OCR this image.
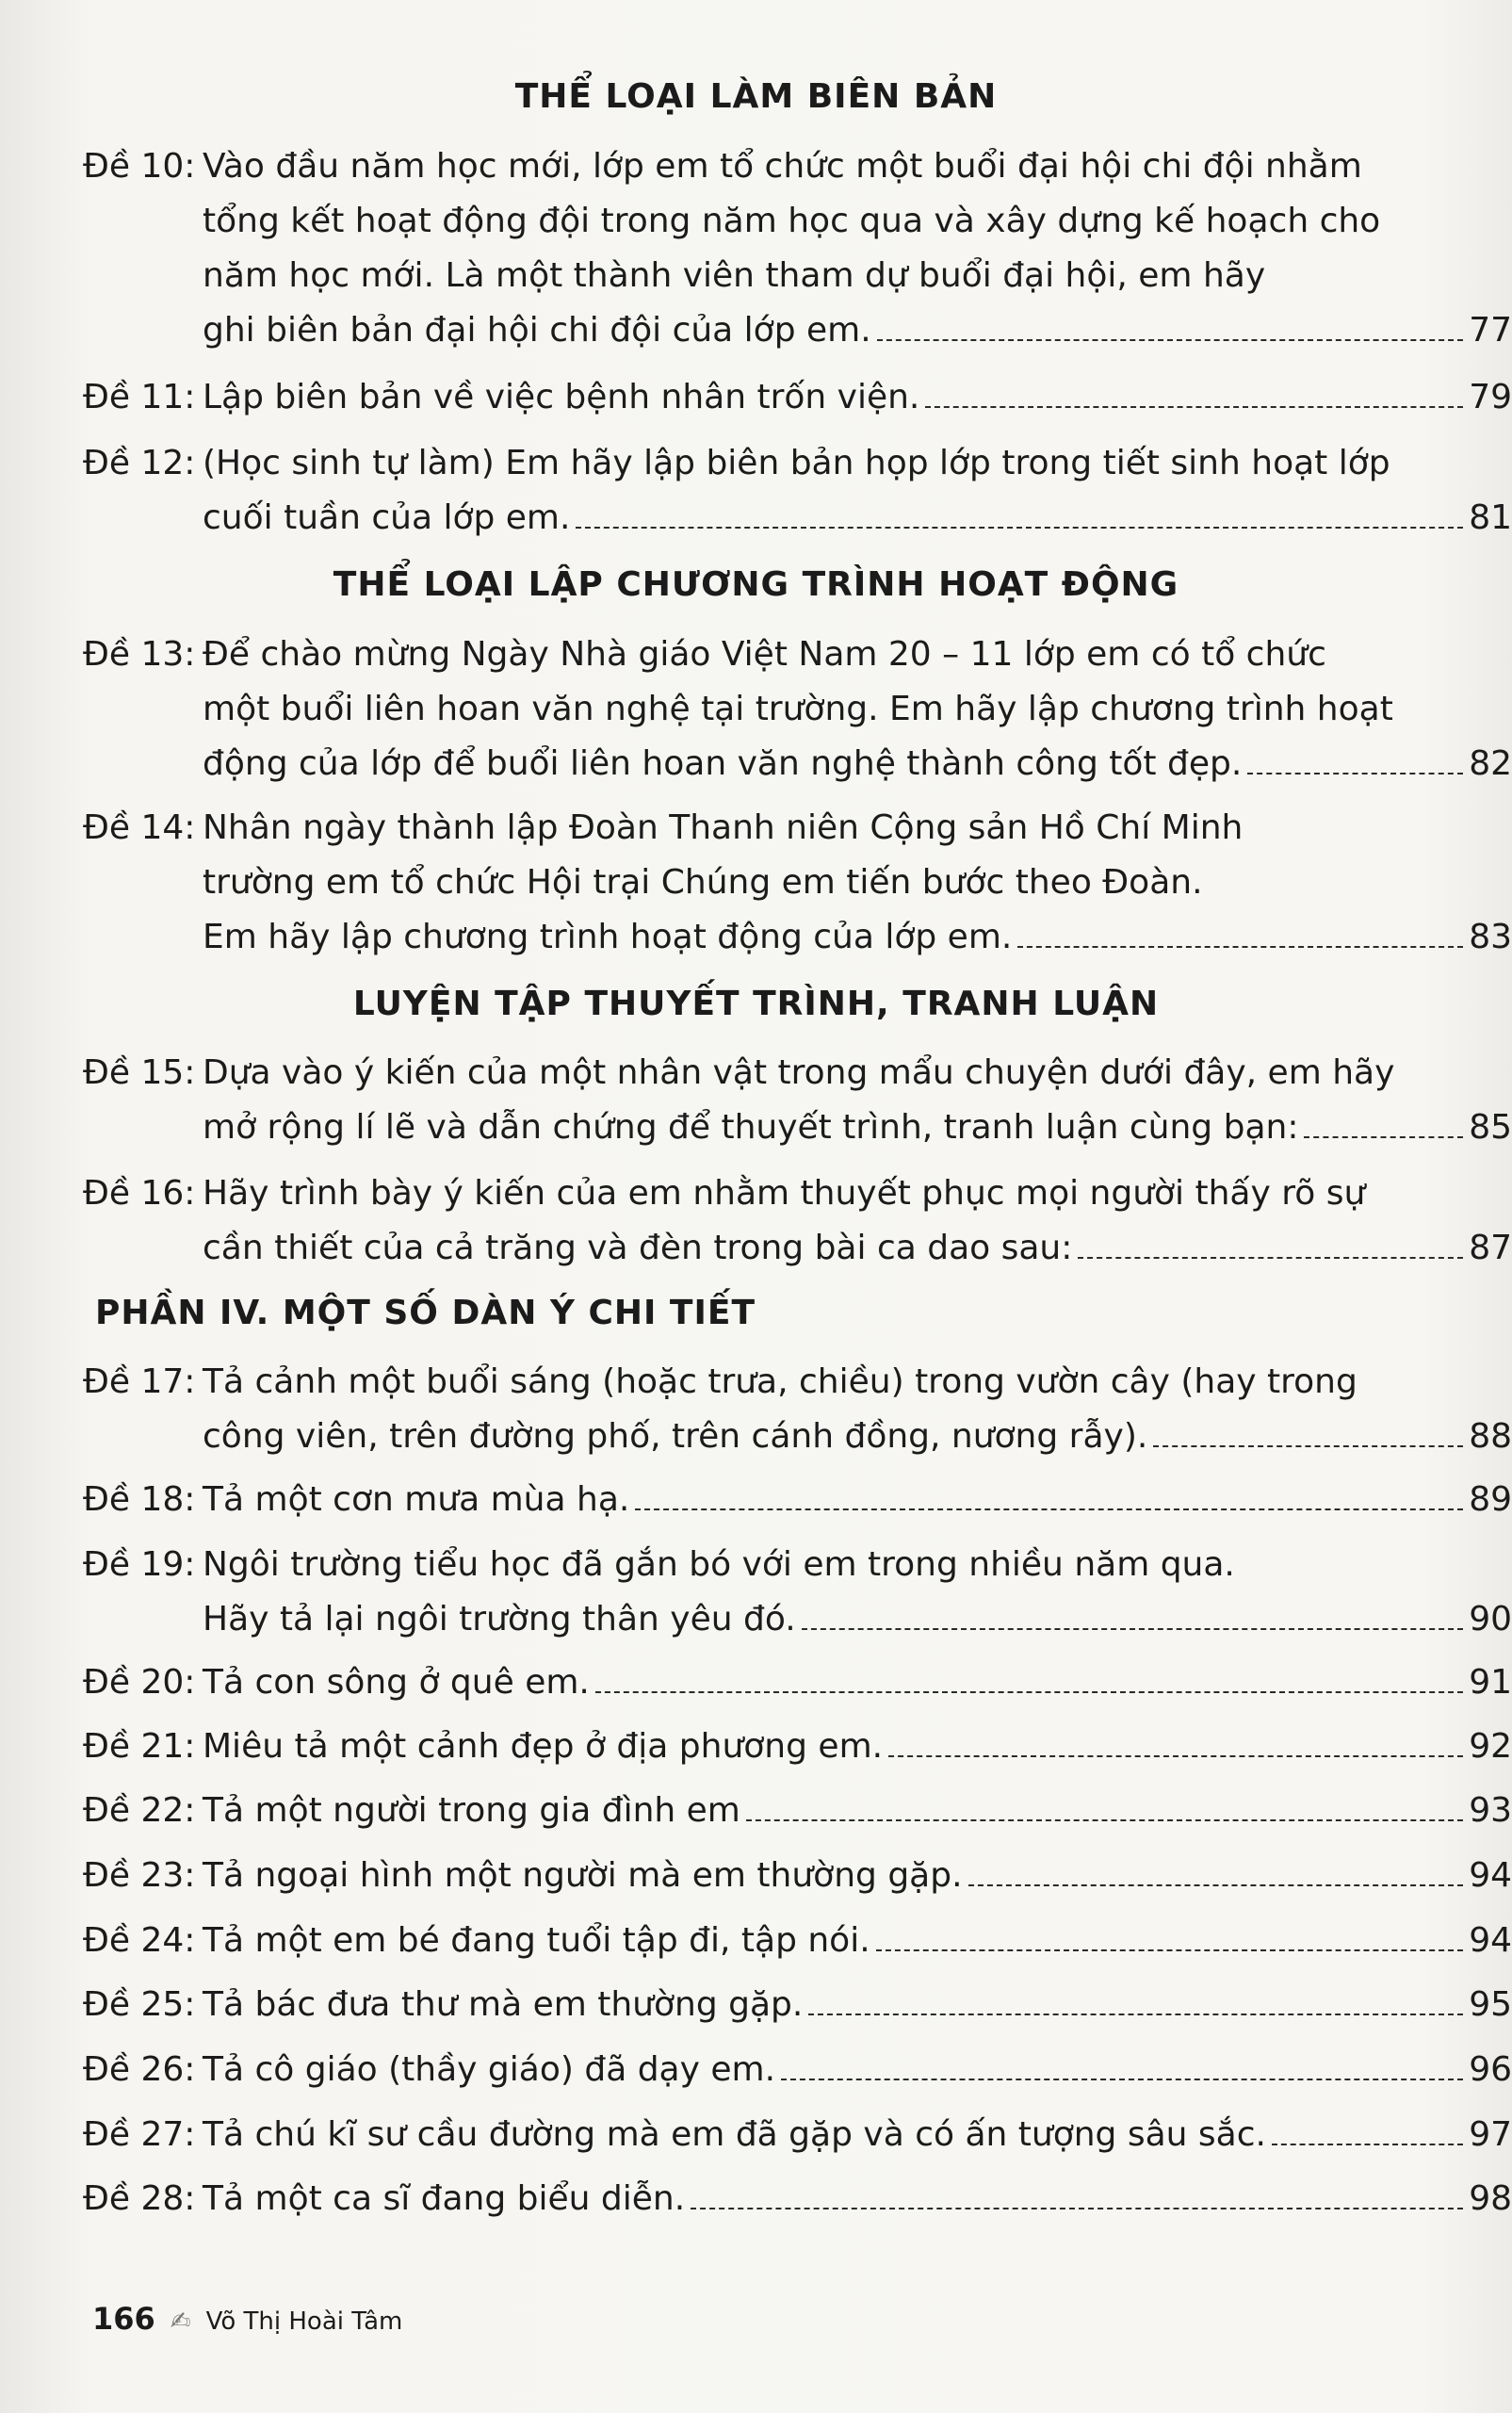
THỂ LOẠI LÀM BIÊN BẢN
Đề 10: Vào đầu năm học mới, lớp em tổ chức một buổi đại hội chi đội nhằm
tổng kết hoạt động đội trong năm học qua và xây dựng kế hoạch cho
năm học mới. Là một thành viên tham dự buổi đại hội, em hãy
ghi biên bản đại hội chi đội của lớp em.	77
Đề 11: Lập biên bản về việc bệnh nhân trốn viện.	79
Đề 12: (Học sinh tự làm) Em hãy lập biên bản họp lớp trong tiết sinh hoạt lớp
cuối tuần của lớp em.	81
THỂ LOẠI LẬP CHƯƠNG TRÌNH HOẠT ĐỘNG
Đề 13: Để chào mừng Ngày Nhà giáo Việt Nam 20 – 11 lớp em có tổ chức
một buổi liên hoan văn nghệ tại trường. Em hãy lập chương trình hoạt
động của lớp để buổi liên hoan văn nghệ thành công tốt đẹp.	82
Đề 14: Nhân ngày thành lập Đoàn Thanh niên Cộng sản Hồ Chí Minh
trường em tổ chức Hội trại Chúng em tiến bước theo Đoàn.
Em hãy lập chương trình hoạt động của lớp em.	83
LUYỆN TẬP THUYẾT TRÌNH, TRANH LUẬN
Đề 15: Dựa vào ý kiến của một nhân vật trong mẩu chuyện dưới đây, em hãy
mở rộng lí lẽ và dẫn chứng để thuyết trình, tranh luận cùng bạn:	85
Đề 16: Hãy trình bày ý kiến của em nhằm thuyết phục mọi người thấy rõ sự
cần thiết của cả trăng và đèn trong bài ca dao sau:	87
PHẦN IV. MỘT SỐ DÀN Ý CHI TIẾT
Đề 17: Tả cảnh một buổi sáng (hoặc trưa, chiều) trong vườn cây (hay trong
công viên, trên đường phố, trên cánh đồng, nương rẫy).	88
Đề 18: Tả một cơn mưa mùa hạ.	89
Đề 19: Ngôi trường tiểu học đã gắn bó với em trong nhiều năm qua.
Hãy tả lại ngôi trường thân yêu đó.	90
Đề 20: Tả con sông ở quê em.	91
Đề 21: Miêu tả một cảnh đẹp ở địa phương em.	92
Đề 22: Tả một người trong gia đình em	93
Đề 23: Tả ngoại hình một người mà em thường gặp.	94
Đề 24: Tả một em bé đang tuổi tập đi, tập nói.	94
Đề 25: Tả bác đưa thư mà em thường gặp.	95
Đề 26: Tả cô giáo (thầy giáo) đã dạy em.	96
Đề 27: Tả chú kĩ sư cầu đường mà em đã gặp và có ấn tượng sâu sắc.	97
Đề 28: Tả một ca sĩ đang biểu diễn.	98
166 ✍ Võ Thị Hoài Tâm
